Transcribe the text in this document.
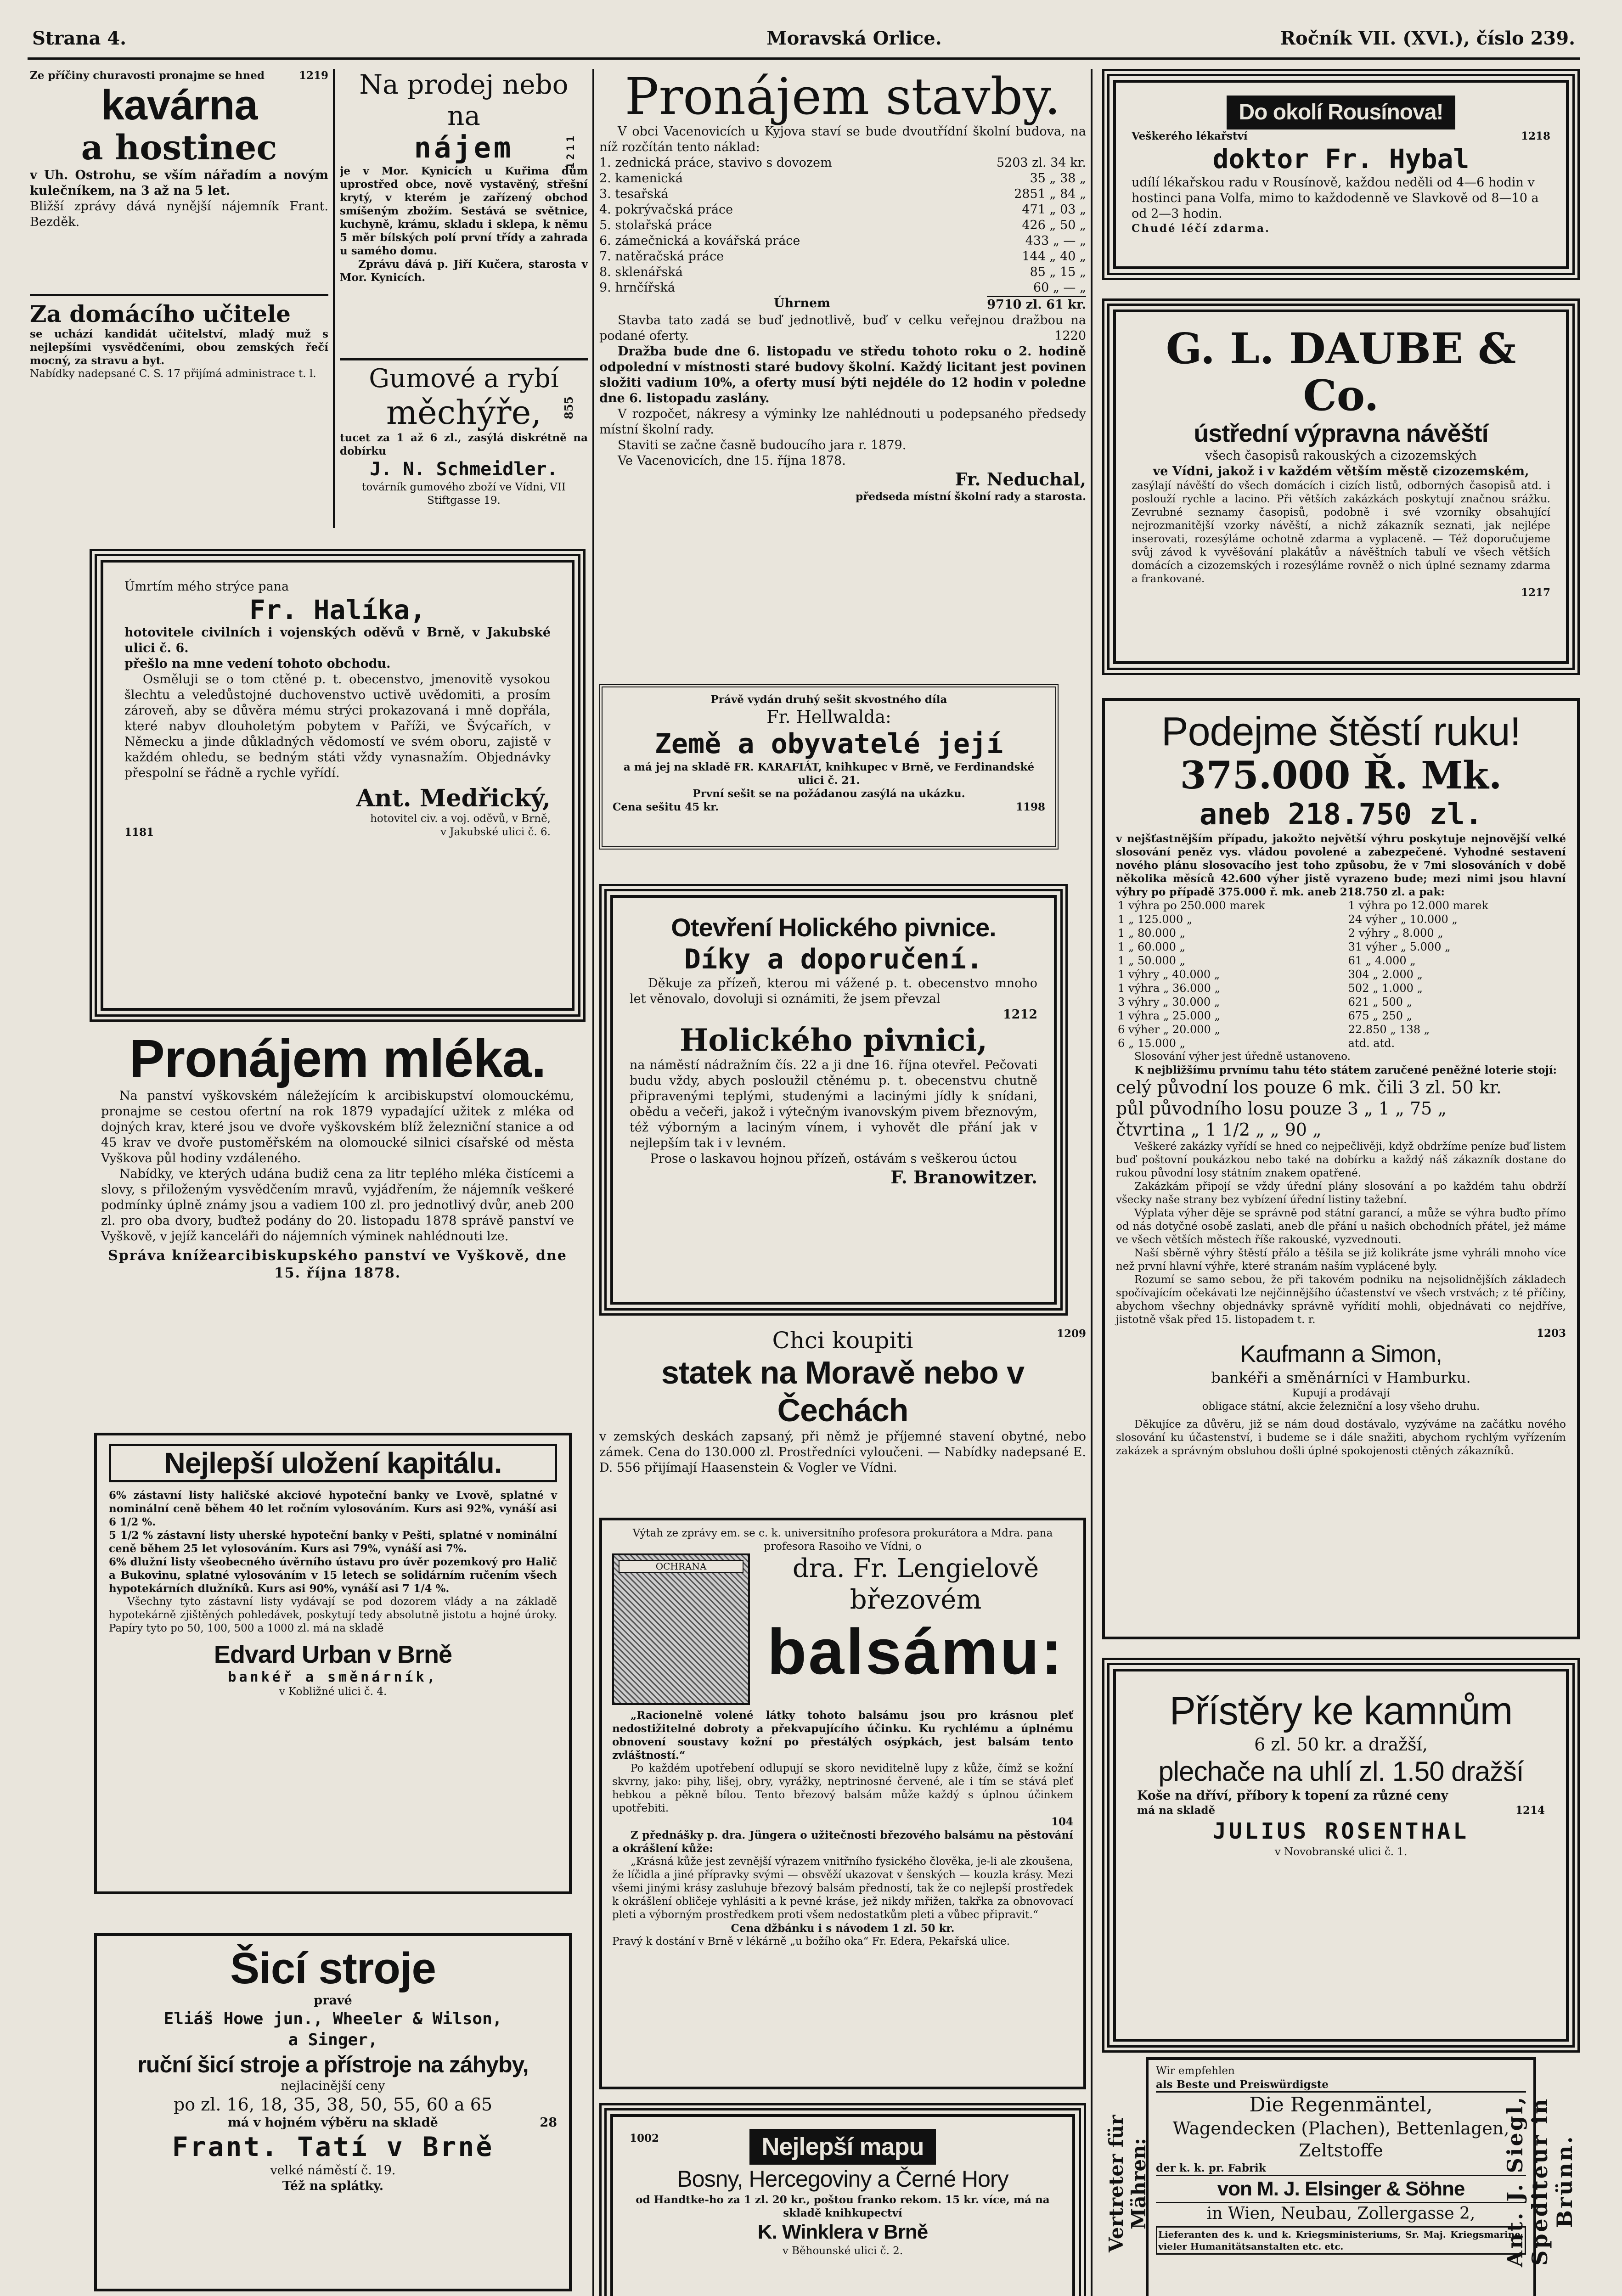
Strana 4.	Moravská Orlice.	Ročník VII. (XVI.), číslo 239.
Ze příčiny churavosti pronajme se hned	1219
kavárna
a hostinec
v Uh. Ostrohu, se vším nářadím a novým kulečníkem, na 3 až na 5 let.
Bližší zprávy dává nynější nájemník Frant. Bezděk.
Za domácího učitele
se uchází kandidát učitelství, mladý muž s nejlepšími vysvědčeními, obou zemských řečí mocný, za stravu a byt.
Nabídky nadepsané C. S. 17 přijímá administrace t. l.
Úmrtím mého strýce pana
Fr. Halíka,
hotovitele civilních i vojenských oděvů v Brně, v Jakubské ulici č. 6.
přešlo na mne vedení tohoto obchodu.
Osměluji se o tom ctěné p. t. obecenstvo, jmenovitě vysokou šlechtu a veledůstojné duchovenstvo uctivě uvědomiti, a prosím zároveň, aby se důvěra mému strýci prokazovaná i mně dopřála, které nabyv dlouholetým pobytem v Paříži, ve Švýcařích, v Německu a jinde důkladných vědomostí ve svém oboru, zajistě v každém ohledu, se bedným státi vždy vynasnažím. Objednávky přespolní se řádně a rychle vyřídí.
Ant. Medřický,
hotovitel civ. a voj. oděvů, v Brně,
1181	v Jakubské ulici č. 6.
Pronájem mléka.
Na panství vyškovském náležejícím k arcibiskupství olomouckému, pronajme se cestou ofertní na rok 1879 vypadající užitek z mléka od dojných krav, které jsou ve dvoře vyškovském blíž železniční stanice a od 45 krav ve dvoře pustoměřském na olomoucké silnici císařské od města Vyškova půl hodiny vzdáleného.
Nabídky, ve kterých udána budiž cena za litr teplého mléka čistícemi a slovy, s přiloženým vysvědčením mravů, vyjádřením, že nájemník veškeré podmínky úplně známy jsou a vadiem 100 zl. pro jednotlivý dvůr, aneb 200 zl. pro oba dvory, buďtež podány do 20. listopadu 1878 správě panství ve Vyškově, v jejíž kanceláři do nájemních výminek nahlédnouti lze.
Správa knížearcibiskupského panství ve Vyškově, dne 15. října 1878.
Nejlepší uložení kapitálu.
6% zástavní listy haličské akciové hypoteční banky ve Lvově, splatné v nominální ceně během 40 let ročním vylosováním. Kurs asi 92%, vynáší asi 6 1/2 %.
5 1/2 % zástavní listy uherské hypoteční banky v Pešti, splatné v nominální ceně během 25 let vylosováním. Kurs asi 79%, vynáší asi 7%.
6% dlužní listy všeobecného úvěrního ústavu pro úvěr pozemkový pro Halič a Bukovinu, splatné vylosováním v 15 letech se solidárním ručením všech hypotekárních dlužníků. Kurs asi 90%, vynáší asi 7 1/4 %.
Všechny tyto zástavní listy vydávají se pod dozorem vlády a na základě hypotekárně zjištěných pohledávek, poskytují tedy absolutně jistotu a hojné úroky. Papíry tyto po 50, 100, 500 a 1000 zl. má na skladě
Edvard Urban v Brně
bankéř a směnárník,
v Kobližné ulici č. 4.
Šicí stroje
pravé
Eliáš Howe jun., Wheeler & Wilson,
a Singer,
ruční šicí stroje a přístroje na záhyby,
nejlacinější ceny
po zl. 16, 18, 35, 38, 50, 55, 60 a 65
má v hojném výběru na skladě	28
Frant. Tatí v Brně
velké náměstí č. 19.
Též na splátky.
Na prodej nebo na
nájem	1211
je v Mor. Kynicích u Kuřima dům uprostřed obce, nově vystavěný, střešní krytý, v kterém je zařízený obchod smíšeným zbožím. Sestává se světnice, kuchyně, krámu, skladu i sklepa, k němu 5 měr bílských polí první třídy a zahrada u samého domu.
Zprávu dává p. Jiří Kučera, starosta v Mor. Kynicích.
Gumové a rybí
měchýře,	855
tucet za 1 až 6 zl., zasýlá diskrétně na dobírku
J. N. Schmeidler.
továrník gumového zboží ve Vídni, VII Stiftgasse 19.
Pronájem stavby.
V obci Vacenovicích u Kyjova staví se bude dvoutřídní školní budova, na níž rozčítán tento náklad:
1. zednická práce, stavivo s dovozem	5203 zl. 34 kr.
2. kamenická	35 „ 38 „
3. tesařská	2851 „ 84 „
4. pokrývačská práce	471 „ 03 „
5. stolařská práce	426 „ 50 „
6. zámečnická a kovářská práce	433 „ — „
7. natěračská práce	144 „ 40 „
8. sklenářská	85 „ 15 „
9. hrnčířská	60 „ — „
Úhrnem	9710 zl. 61 kr.
Stavba tato zadá se buď jednotlivě, buď v celku veřejnou dražbou na podané oferty.	1220
Dražba bude dne 6. listopadu ve středu tohoto roku o 2. hodině odpolední v místnosti staré budovy školní. Každý licitant jest povinen složiti vadium 10%, a oferty musí býti nejdéle do 12 hodin v poledne dne 6. listopadu zaslány.
V rozpočet, nákresy a výminky lze nahlédnouti u podepsaného předsedy místní školní rady.
Staviti se začne časně budoucího jara r. 1879.
Ve Vacenovicích, dne 15. října 1878.
Fr. Neduchal,
předseda místní školní rady a starosta.
Právě vydán druhý sešit skvostného díla
Fr. Hellwalda:
Země a obyvatelé její
a má jej na skladě FR. KARAFIÁT, knihkupec v Brně, ve Ferdinandské ulici č. 21.
První sešit se na požádanou zasýlá na ukázku.
Cena sešitu 45 kr.	1198
Otevření Holického pivnice.
Díky a doporučení.
Děkuje za přízeň, kterou mi vážené p. t. obecenstvo mnoho let věnovalo, dovoluji si oznámiti, že jsem převzal
1212
Holického pivnici,
na náměstí nádražním čís. 22 a ji dne 16. října otevřel. Pečovati budu vždy, abych posloužil ctěnému p. t. obecenstvu chutně připravenými teplými, studenými a lacinými jídly k snídani, obědu a večeři, jakož i výtečným ivanovským pivem březnovým, též výborným a laciným vínem, i vyhovět dle přání jak v nejlepším tak i v levném.
Prose o laskavou hojnou přízeň, ostávám s veškerou úctou
F. Branowitzer.
Chci koupiti	1209
statek na Moravě nebo v Čechách
v zemských deskách zapsaný, při němž je příjemné stavení obytné, nebo zámek. Cena do 130.000 zl. Prostředníci vyloučeni. — Nabídky nadepsané E. D. 556 přijímají Haasenstein & Vogler ve Vídni.
Výtah ze zprávy em. se c. k. universitního profesora prokurátora a Mdra. pana profesora Rasoiho ve Vídni, o
OCHRANA	dra. Fr. Lengielově
březovém
balsámu:
„Racionelně volené látky tohoto balsámu jsou pro krásnou pleť nedostižitelné dobroty a překvapujícího účinku. Ku rychlému a úplnému obnovení soustavy kožní po přestálých osýpkách, jest balsám tento zvláštností.“
Po každém upotřebení odlupují se skoro neviditelně lupy z kůže, čímž se kožní skvrny, jako: pihy, lišej, obry, vyrážky, neptrinosné červené, ale i tím se stává pleť hebkou a pěkně bílou. Tento březový balsám může každý s úplnou účinkem upotřebiti.
104
Z přednášky p. dra. Jüngera o užitečnosti březového balsámu na pěstování a okrášlení kůže:
„Krásná kůže jest zevnější výrazem vnitřního fysického člověka, je-li ale zkoušena, že líčidla a jiné přípravky svými — obsvěží ukazovat v šenských — kouzla krásy. Mezi všemi jinými krásy zasluhuje březový balsám předností, tak že co nejlepší prostředek k okrášlení obličeje vyhlásiti a k pevné kráse, jež nikdy mřižen, takřka za obnovovací pleti a výborným prostředkem proti všem nedostatkům pleti a vůbec připravit.“
Cena džbánku i s návodem 1 zl. 50 kr.
Pravý k dostání v Brně v lékárně „u božího oka“ Fr. Edera, Pekařská ulice.
1002	Nejlepší mapu
Bosny, Hercegoviny a Černé Hory
od Handtke-ho za 1 zl. 20 kr., poštou franko rekom. 15 kr. více, má na skladě knihkupectví
K. Winklera v Brně
v Běhounské ulici č. 2.
Do okolí Rousínova!
Veškerého lékařství	1218
doktor Fr. Hybal
udílí lékařskou radu v Rousínově, každou neděli od 4—6 hodin v hostinci pana Volfa, mimo to každodenně ve Slavkově od 8—10 a od 2—3 hodin.
Chudé léčí zdarma.
G. L. DAUBE & Co.
ústřední výpravna návěští
všech časopisů rakouských a cizozemských
ve Vídni, jakož i v každém větším městě cizozemském,
zasýlají návěští do všech domácích i cizích listů, odborných časopisů atd. i poslouží rychle a lacino. Při větších zakázkách poskytují značnou srážku. Zevrubné seznamy časopisů, podobně i své vzorníky obsahující nejrozmanitější vzorky návěští, a nichž zákazník seznati, jak nejlépe inserovati, rozesýláme ochotně zdarma a vyplaceně. — Též doporučujeme svůj závod k vyvěšování plakátův a návěštních tabulí ve všech větších domácích a cizozemských i rozesýláme rovněž o nich úplné seznamy zdarma a frankované.
1217
Podejme štěstí ruku!
375.000 Ř. Mk.
aneb 218.750 zl.
v nejšťastnějším případu, jakožto největší výhru poskytuje nejnovější velké slosování peněz vys. vládou povolené a zabezpečené. Vyhodné sestavení nového plánu slosovacího jest toho způsobu, že v 7mi slosováních v době několika měsíců 42.600 výher jistě vyrazeno bude; mezi nimi jsou hlavní výhry po případě 375.000 ř. mk. aneb 218.750 zl. a pak:
1 výhra po 250.000 marek	1 výhra po 12.000 marek
1 „ 125.000 „	24 výher „ 10.000 „
1 „ 80.000 „	2 výhry „ 8.000 „
1 „ 60.000 „	31 výher „ 5.000 „
1 „ 50.000 „	61 „ 4.000 „
1 výhry „ 40.000 „	304 „ 2.000 „
1 výhra „ 36.000 „	502 „ 1.000 „
3 výhry „ 30.000 „	621 „ 500 „
1 výhra „ 25.000 „	675 „ 250 „
6 výher „ 20.000 „	22.850 „ 138 „
6 „ 15.000 „	atd. atd.
Slosování výher jest úředně ustanoveno.
K nejbližšímu prvnímu tahu této státem zaručené peněžné loterie stojí:
celý původní los pouze 6 mk. čili 3 zl. 50 kr.
půl původního losu pouze 3 „ 1 „ 75 „
čtvrtina „ 1 1/2 „ „ 90 „
Veškeré zakázky vyřídí se hned co nejpečlivěji, když obdržíme peníze buď listem buď poštovní poukázkou nebo také na dobírku a každý náš zákazník dostane do rukou původní losy státním znakem opatřené.
Zakázkám připojí se vždy úřední plány slosování a po každém tahu obdrží všecky naše strany bez vybízení úřední listiny tažební.
Výplata výher děje se správně pod státní garancí, a může se výhra buďto přímo od nás dotyčné osobě zaslati, aneb dle přání u našich obchodních přátel, jež máme ve všech větších městech říše rakouské, vyzvednouti.
Naší sběrně výhry štěstí přálo a těšila se již kolikráte jsme vyhráli mnoho více než první hlavní výhře, které stranám naším vyplácené byly.
Rozumí se samo sebou, že při takovém podniku na nejsolidnějších základech spočívajícím očekávati lze nejčinnějšího účastenství ve všech vrstvách; z té příčiny, abychom všechny objednávky správně vyřídití mohli, objednávati co nejdříve, jistotně však před 15. listopadem t. r.
1203
Kaufmann a Simon,
bankéři a směnárníci v Hamburku.
Kupují a prodávají
obligace státní, akcie železniční a losy všeho druhu.
Děkujíce za důvěru, již se nám doud dostávalo, vyzýváme na začátku nového slosování ku účastenství, i budeme se i dále snažiti, abychom rychlým vyřízením zakázek a správným obsluhou došli úplné spokojenosti ctěných zákazníků.
Přístěry ke kamnům
6 zl. 50 kr. a dražší,
plechače na uhlí zl. 1.50 dražší
Koše na dříví, příbory k topení za různé ceny
má na skladě	1214
JULIUS ROSENTHAL
v Novobranské ulici č. 1.
Vertreter für Mähren:	Ant. J. Siegl, Spediteur in Brünn.
Wir empfehlen
als Beste und Preiswürdigste
Die Regenmäntel,
Wagendecken (Plachen), Bettenlagen, Zeltstoffe
der k. k. pr. Fabrik
von M. J. Elsinger & Söhne
in Wien, Neubau, Zollergasse 2,
Lieferanten des k. und k. Kriegsministeriums, Sr. Maj. Kriegsmarine, vieler Humanitätsanstalten etc. etc.
